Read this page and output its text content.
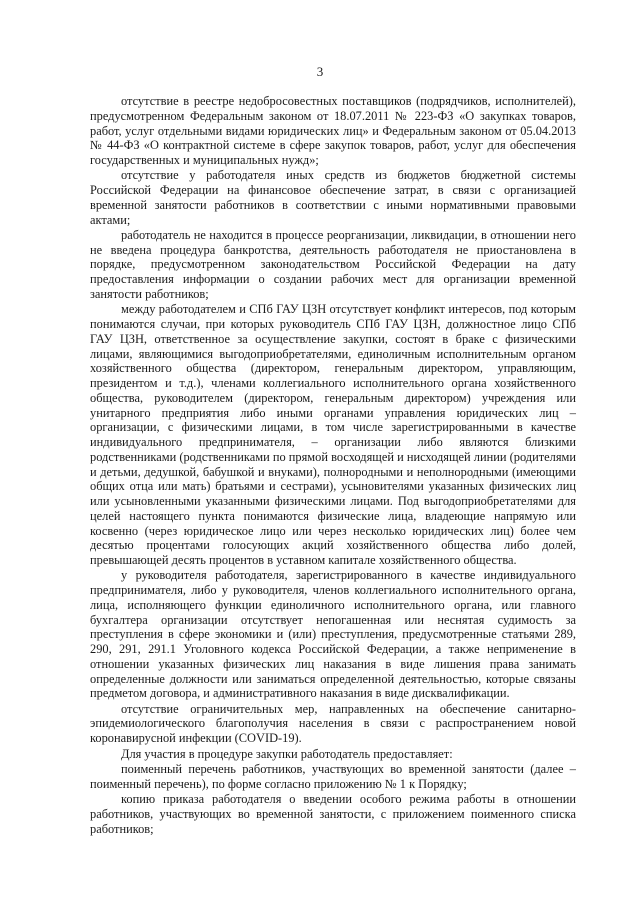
3

отсутствие в реестре недобросовестных поставщиков (подрядчиков, исполнителей), предусмотренном Федеральным законом от 18.07.2011 № 223-ФЗ «О закупках товаров, работ, услуг отдельными видами юридических лиц» и Федеральным законом от 05.04.2013 № 44-ФЗ «О контрактной системе в сфере закупок товаров, работ, услуг для обеспечения государственных и муниципальных нужд»;

отсутствие у работодателя иных средств из бюджетов бюджетной системы Российской Федерации на финансовое обеспечение затрат, в связи с организацией временной занятости работников в соответствии с иными нормативными правовыми актами;

работодатель не находится в процессе реорганизации, ликвидации, в отношении него не введена процедура банкротства, деятельность работодателя не приостановлена в порядке, предусмотренном законодательством Российской Федерации на дату предоставления информации о создании рабочих мест для организации временной занятости работников;

между работодателем и СПб ГАУ ЦЗН отсутствует конфликт интересов, под которым понимаются случаи, при которых руководитель СПб ГАУ ЦЗН, должностное лицо СПб ГАУ ЦЗН, ответственное за осуществление закупки, состоят в браке с физическими лицами, являющимися выгодоприобретателями, единоличным исполнительным органом хозяйственного общества (директором, генеральным директором, управляющим, президентом и т.д.), членами коллегиального исполнительного органа хозяйственного общества, руководителем (директором, генеральным директором) учреждения или унитарного предприятия либо иными органами управления юридических лиц – организации, с физическими лицами, в том числе зарегистрированными в качестве индивидуального предпринимателя, – организации либо являются близкими родственниками (родственниками по прямой восходящей и нисходящей линии (родителями и детьми, дедушкой, бабушкой и внуками), полнородными и неполнородными (имеющими общих отца или мать) братьями и сестрами), усыновителями указанных физических лиц или усыновленными указанными физическими лицами. Под выгодоприобретателями для целей настоящего пункта понимаются физические лица, владеющие напрямую или косвенно (через юридическое лицо или через несколько юридических лиц) более чем десятью процентами голосующих акций хозяйственного общества либо долей, превышающей десять процентов в уставном капитале хозяйственного общества.

у руководителя работодателя, зарегистрированного в качестве индивидуального предпринимателя, либо у руководителя, членов коллегиального исполнительного органа, лица, исполняющего функции единоличного исполнительного органа, или главного бухгалтера организации отсутствует непогашенная или неснятая судимость за преступления в сфере экономики и (или) преступления, предусмотренные статьями 289, 290, 291, 291.1 Уголовного кодекса Российской Федерации, а также неприменение в отношении указанных физических лиц наказания в виде лишения права занимать определенные должности или заниматься определенной деятельностью, которые связаны предметом договора, и административного наказания в виде дисквалификации.

отсутствие ограничительных мер, направленных на обеспечение санитарно-эпидемиологического благополучия населения в связи с распространением новой коронавирусной инфекции (COVID-19).

Для участия в процедуре закупки работодатель предоставляет:

поименный перечень работников, участвующих во временной занятости (далее – поименный перечень), по форме согласно приложению № 1 к Порядку;

копию приказа работодателя о введении особого режима работы в отношении работников, участвующих во временной занятости, с приложением поименного списка работников;
